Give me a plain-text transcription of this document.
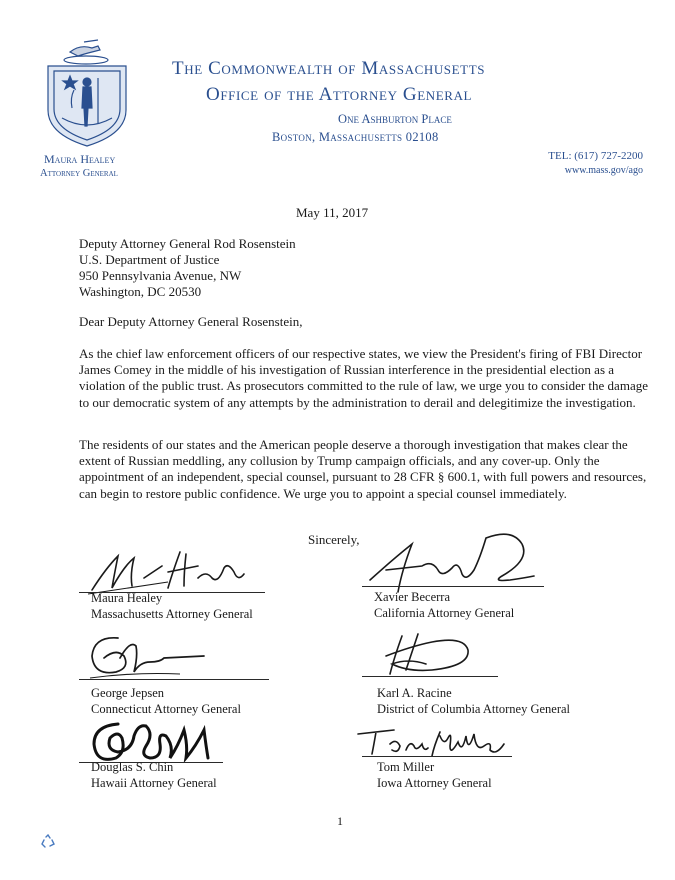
The Commonwealth of Massachusetts
Office of the Attorney General
One Ashburton Place
Boston, Massachusetts 02108
Maura Healey
Attorney General
TEL: (617) 727-2200
www.mass.gov/ago
May 11, 2017
Deputy Attorney General Rod Rosenstein
U.S. Department of Justice
950 Pennsylvania Avenue, NW
Washington, DC 20530
Dear Deputy Attorney General Rosenstein,
As the chief law enforcement officers of our respective states, we view the President's firing of FBI Director James Comey in the middle of his investigation of Russian interference in the presidential election as a violation of the public trust. As prosecutors committed to the rule of law, we urge you to consider the damage to our democratic system of any attempts by the administration to derail and delegitimize the investigation.
The residents of our states and the American people deserve a thorough investigation that makes clear the extent of Russian meddling, any collusion by Trump campaign officials, and any cover-up. Only the appointment of an independent, special counsel, pursuant to 28 CFR § 600.1, with full powers and resources, can begin to restore public confidence. We urge you to appoint a special counsel immediately.
Sincerely,
Maura Healey
Massachusetts Attorney General
Xavier Becerra
California Attorney General
George Jepsen
Connecticut Attorney General
Karl A. Racine
District of Columbia Attorney General
Douglas S. Chin
Hawaii Attorney General
Tom Miller
Iowa Attorney General
1
